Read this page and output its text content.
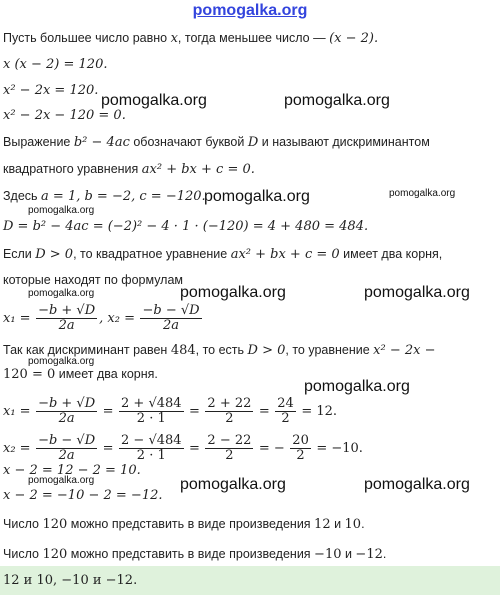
pomogalka.org
Пусть большее число равно x, тогда меньшее число — (x − 2).
x (x − 2) = 120.
x² − 2x = 120.
x² − 2x − 120 = 0.
Выражение b² − 4ac обозначают буквой D и называют дискриминантом
квадратного уравнения ax² + bx + c = 0.
Здесь a = 1, b = −2, c = −120.
D = b² − 4ac = (−2)² − 4 · 1 · (−120) = 4 + 480 = 484.
Если D > 0, то квадратное уравнение ax² + bx + c = 0 имеет два корня,
которые находят по формулам
$x_1 = \frac{-b + √D}{2a}$ , $x_2 = \frac{-b - √D}{2a}$
Так как дискриминант равен 484, то есть D > 0, то уравнение x² − 2x −
120 = 0 имеет два корня.
$x_1 = \frac{-b + √D}{2a} = \frac{2 + √484}{2 \cdot 1} = \frac{2 + 22}{2} = \frac{24}{2} = 12$.
$x_2 = \frac{-b - √D}{2a} = \frac{2 - √484}{2 \cdot 1} = \frac{2 - 22}{2}$ = − $\frac{20}{2} = -10$.
x − 2 = 12 − 2 = 10.
x − 2 = −10 − 2 = −12.
Число 120 можно представить в виде произведения 12 и 10.
Число 120 можно представить в виде произведения −10 и −12.
12 и 10, −10 и −12.
pomogalka.org	pomogalka.org
pomogalka.org	pomogalka.org
pomogalka.org
pomogalka.org	pomogalka.org	pomogalka.org
pomogalka.org
pomogalka.org
pomogalka.org	pomogalka.org	pomogalka.org
